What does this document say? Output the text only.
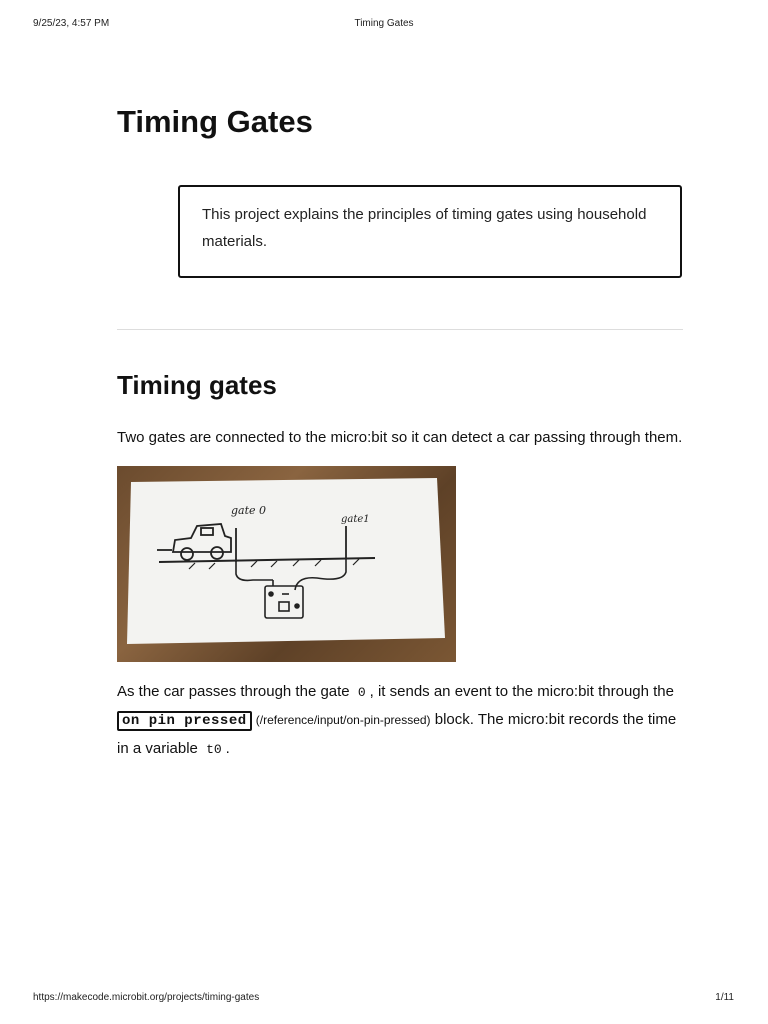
9/25/23, 4:57 PM	Timing Gates
Timing Gates
This project explains the principles of timing gates using household materials.
Timing gates
Two gates are connected to the micro:bit so it can detect a car passing through them.
gate 0
gate1
As the car passes through the gate 0 , it sends an event to the micro:bit through the on pin pressed (/reference/input/on-pin-pressed) block. The micro:bit records the time in a variable t0 .
https://makecode.microbit.org/projects/timing-gates	1/11
